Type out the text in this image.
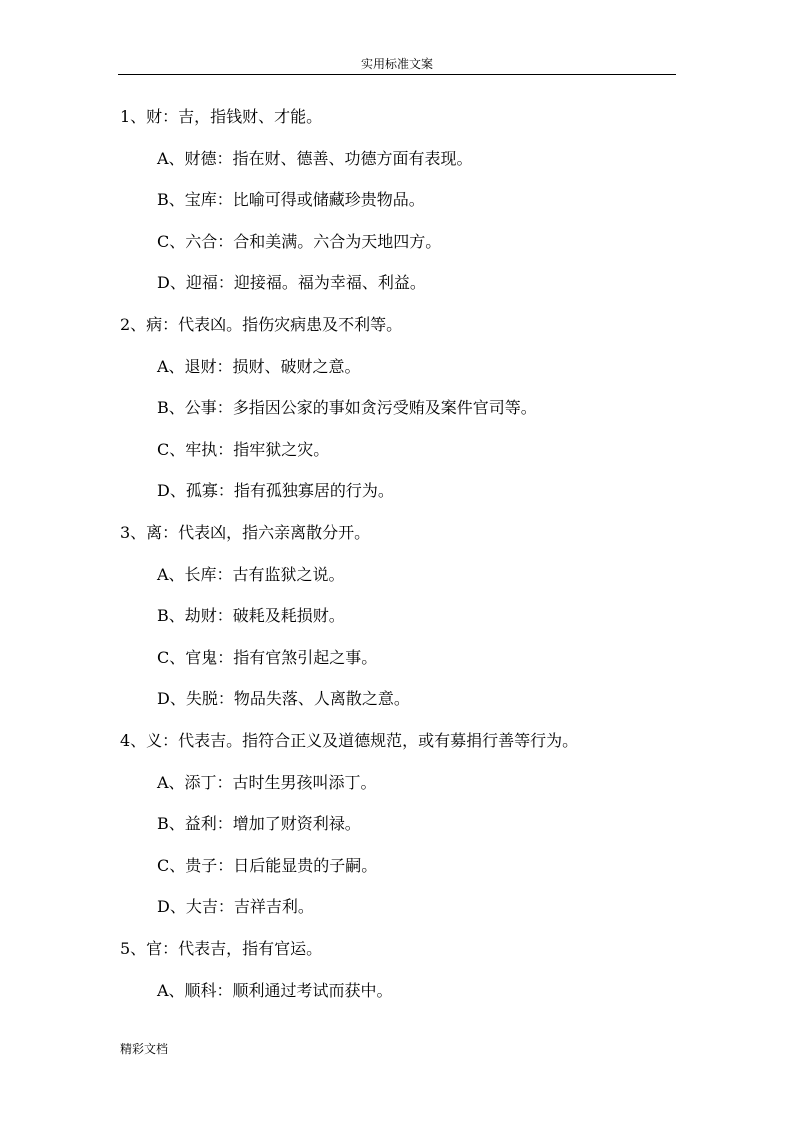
实用标准文案
1、财：吉，指钱财、才能。
A、财德：指在财、德善、功德方面有表现。
B、宝库：比喻可得或储藏珍贵物品。
C、六合：合和美满。六合为天地四方。
D、迎福：迎接福。福为幸福、利益。
2、病：代表凶。指伤灾病患及不利等。
A、退财：损财、破财之意。
B、公事：多指因公家的事如贪污受贿及案件官司等。
C、牢执：指牢狱之灾。
D、孤寡：指有孤独寡居的行为。
3、离：代表凶，指六亲离散分开。
A、长库：古有监狱之说。
B、劫财：破耗及耗损财。
C、官鬼：指有官煞引起之事。
D、失脱：物品失落、人离散之意。
4、义：代表吉。指符合正义及道德规范，或有募捐行善等行为。
A、添丁：古时生男孩叫添丁。
B、益利：增加了财资利禄。
C、贵子：日后能显贵的子嗣。
D、大吉：吉祥吉利。
5、官：代表吉，指有官运。
A、顺科：顺利通过考试而获中。
精彩文档
